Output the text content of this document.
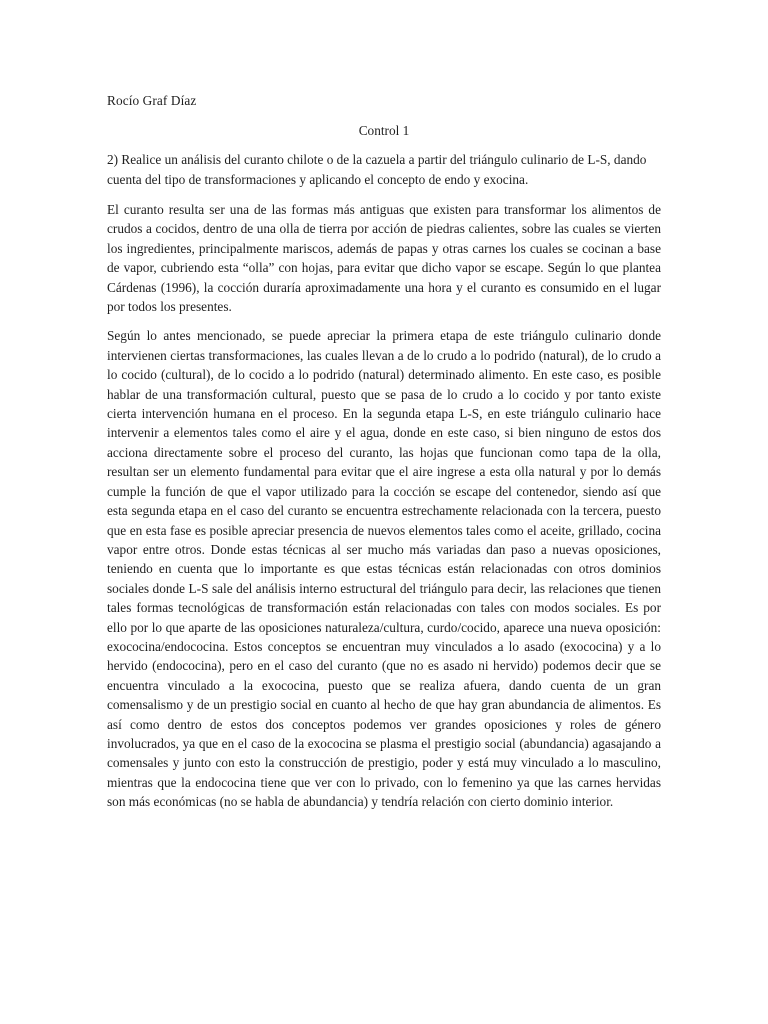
Rocío Graf Díaz

Control 1

2) Realice un análisis del curanto chilote o de la cazuela a partir del triángulo culinario de L-S, dando cuenta del tipo de transformaciones y aplicando el concepto de endo y exocina.

El curanto resulta ser una de las formas más antiguas que existen para transformar los alimentos de crudos a cocidos, dentro de una olla de tierra por acción de piedras calientes, sobre las cuales se vierten los ingredientes, principalmente mariscos, además de papas y otras carnes los cuales se cocinan a base de vapor, cubriendo esta “olla” con hojas, para evitar que dicho vapor se escape. Según lo que plantea Cárdenas (1996), la cocción duraría aproximadamente una hora y el curanto es consumido en el lugar por todos los presentes.

Según lo antes mencionado, se puede apreciar la primera etapa de este triángulo culinario donde intervienen ciertas transformaciones, las cuales llevan a de lo crudo a lo podrido (natural), de lo crudo a lo cocido (cultural), de lo cocido a lo podrido (natural) determinado alimento. En este caso, es posible hablar de una transformación cultural, puesto que se pasa de lo crudo a lo cocido y por tanto existe cierta intervención humana en el proceso. En la segunda etapa L-S, en este triángulo culinario hace intervenir a elementos tales como el aire y el agua, donde en este caso, si bien ninguno de estos dos acciona directamente sobre el proceso del curanto, las hojas que funcionan como tapa de la olla, resultan ser un elemento fundamental para evitar que el aire ingrese a esta olla natural y por lo demás cumple la función de que el vapor utilizado para la cocción se escape del contenedor, siendo así que esta segunda etapa en el caso del curanto se encuentra estrechamente relacionada con la tercera, puesto que en esta fase es posible apreciar presencia de nuevos elementos tales como el aceite, grillado, cocina vapor entre otros. Donde estas técnicas al ser mucho más variadas dan paso a nuevas oposiciones, teniendo en cuenta que lo importante es que estas técnicas están relacionadas con otros dominios sociales donde L-S sale del análisis interno estructural del triángulo para decir, las relaciones que tienen tales formas tecnológicas de transformación están relacionadas con tales con modos sociales. Es por ello por lo que aparte de las oposiciones naturaleza/cultura, curdo/cocido, aparece una nueva oposición: exococina/endococina. Estos conceptos se encuentran muy vinculados a lo asado (exococina) y a lo hervido (endococina), pero en el caso del curanto (que no es asado ni hervido) podemos decir que se encuentra vinculado a la exococina, puesto que se realiza afuera, dando cuenta de un gran comensalismo y de un prestigio social en cuanto al hecho de que hay gran abundancia de alimentos. Es así como dentro de estos dos conceptos podemos ver grandes oposiciones y roles de género involucrados, ya que en el caso de la exococina se plasma el prestigio social (abundancia) agasajando a comensales y junto con esto la construcción de prestigio, poder y está muy vinculado a lo masculino, mientras que la endococina tiene que ver con lo privado, con lo femenino ya que las carnes hervidas son más económicas (no se habla de abundancia) y tendría relación con cierto dominio interior.
